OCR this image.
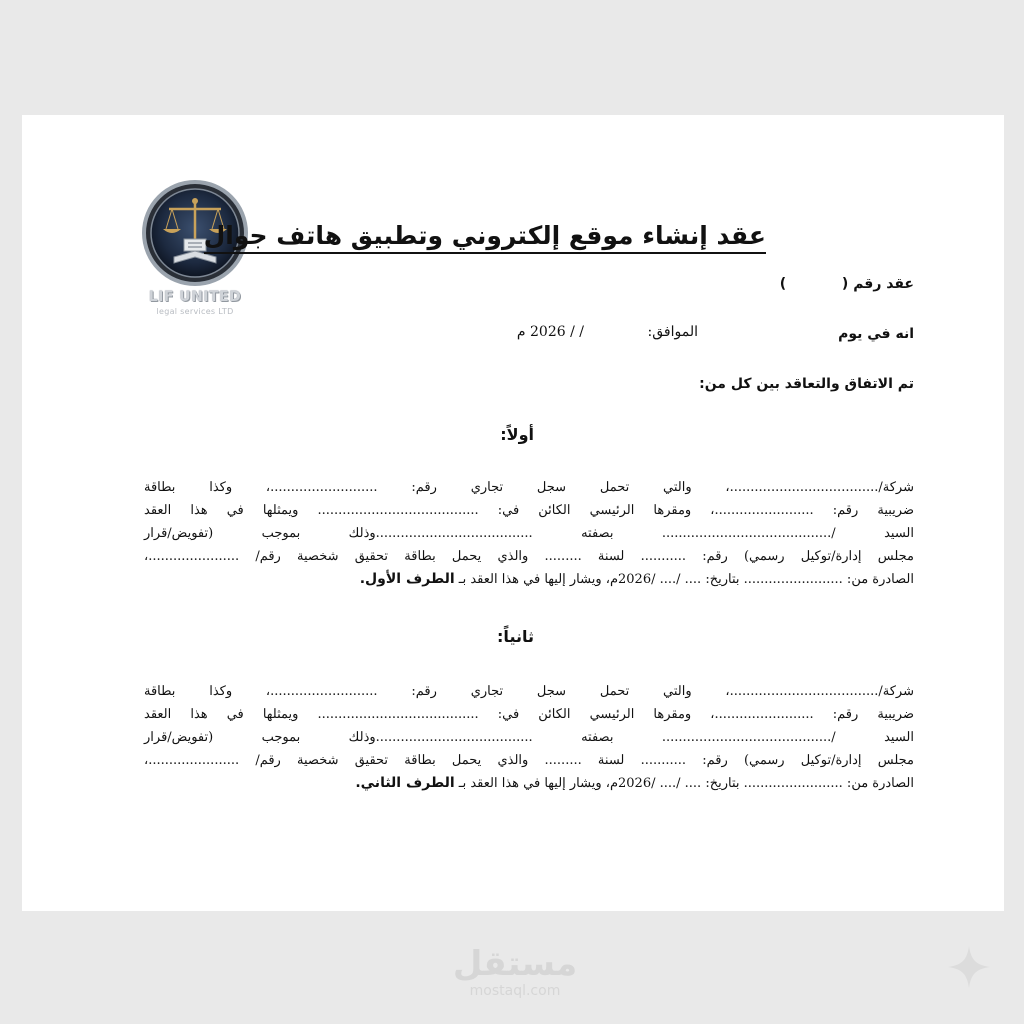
LIF UNITED
legal services LTD
عقد إنشاء موقع إلكتروني وتطبيق هاتف جوال
عقد رقم (  )
انه في يوم
الموافق:
/ / 2026 م
تم الاتفاق والتعاقد بين كل من:
أولاً:
شركة/....................................، والتي تحمل سجل تجاري رقم: ..........................، وكذا بطاقة
ضريبية رقم: ........................، ومقرها الرئيسي الكائن في: ....................................... ويمثلها في هذا العقد
السيد /......................................... بصفته ......................................وذلك بموجب (تفويض/قرار
مجلس إدارة/توكيل رسمي) رقم: ........... لسنة ......... والذي يحمل بطاقة تحقيق شخصية رقم/ ......................،
الصادرة من: ........................ بتاريخ: .... /.... /2026م، ويشار إليها في هذا العقد بـ الطرف الأول.
ثانياً:
شركة/....................................، والتي تحمل سجل تجاري رقم: ..........................، وكذا بطاقة
ضريبية رقم: ........................، ومقرها الرئيسي الكائن في: ....................................... ويمثلها في هذا العقد
السيد /......................................... بصفته ......................................وذلك بموجب (تفويض/قرار
مجلس إدارة/توكيل رسمي) رقم: ........... لسنة ......... والذي يحمل بطاقة تحقيق شخصية رقم/ ......................،
الصادرة من: ........................ بتاريخ: .... /.... /2026م، ويشار إليها في هذا العقد بـ الطرف الثاني.
مستقل
mostaql.com
